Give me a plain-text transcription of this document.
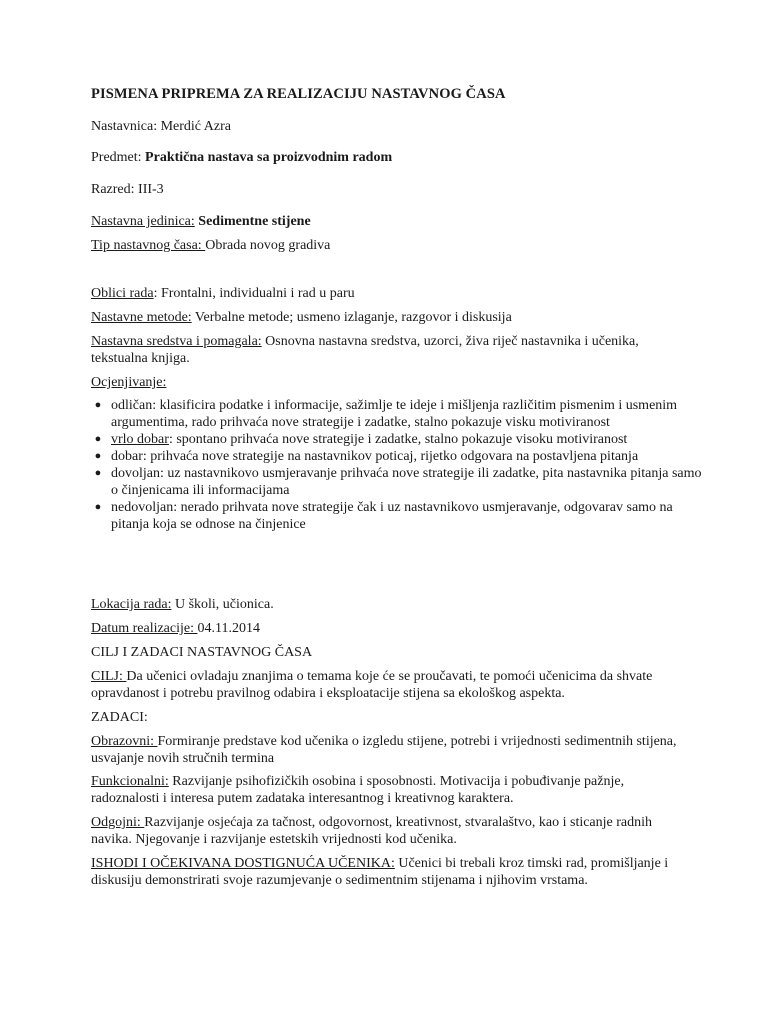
PISMENA PRIPREMA ZA REALIZACIJU NASTAVNOG ČASA
Nastavnica: Merdić Azra
Predmet: Praktična nastava sa proizvodnim radom
Razred: III-3
Nastavna jedinica: Sedimentne stijene
Tip nastavnog časa: Obrada novog gradiva
Oblici rada: Frontalni, individualni i rad u paru
Nastavne metode: Verbalne metode; usmeno izlaganje, razgovor i diskusija
Nastavna sredstva i pomagala: Osnovna nastavna sredstva, uzorci, živa riječ nastavnika i učenika, tekstualna knjiga.
Ocjenjivanje:
● odličan: klasificira podatke i informacije, sažimlje te ideje i mišljenja različitim pismenim i usmenim argumentima, rado prihvaća nove strategije i zadatke, stalno pokazuje visku motiviranost
● vrlo dobar: spontano prihvaća nove strategije i zadatke, stalno pokazuje visoku motiviranost
● dobar: prihvaća nove strategije na nastavnikov poticaj, rijetko odgovara na postavljena pitanja
● dovoljan: uz nastavnikovo usmjeravanje prihvaća nove strategije ili zadatke, pita nastavnika pitanja samo o činjenicama ili informacijama
● nedovoljan: nerado prihvata nove strategije čak i uz nastavnikovo usmjeravanje, odgovarav samo na pitanja koja se odnose na činjenice
Lokacija rada: U školi, učionica.
Datum realizacije: 04.11.2014
CILJ I ZADACI NASTAVNOG ČASA
CILJ: Da učenici ovladaju znanjima o temama koje će se proučavati, te pomoći učenicima da shvate opravdanost i potrebu pravilnog odabira i eksploatacije stijena sa ekološkog aspekta.
ZADACI:
Obrazovni: Formiranje predstave kod učenika o izgledu stijene, potrebi i vrijednosti sedimentnih stijena, usvajanje novih stručnih termina
Funkcionalni: Razvijanje psihofizičkih osobina i sposobnosti. Motivacija i pobuđivanje pažnje, radoznalosti i interesa putem zadataka interesantnog i kreativnog karaktera.
Odgojni: Razvijanje osjećaja za tačnost, odgovornost, kreativnost, stvaralaštvo, kao i sticanje radnih navika. Njegovanje i razvijanje estetskih vrijednosti kod učenika.
ISHODI I OČEKIVANA DOSTIGNUĆA UČENIKA: Učenici bi trebali kroz timski rad, promišljanje i diskusiju demonstrirati svoje razumjevanje o sedimentnim stijenama i njihovim vrstama.
